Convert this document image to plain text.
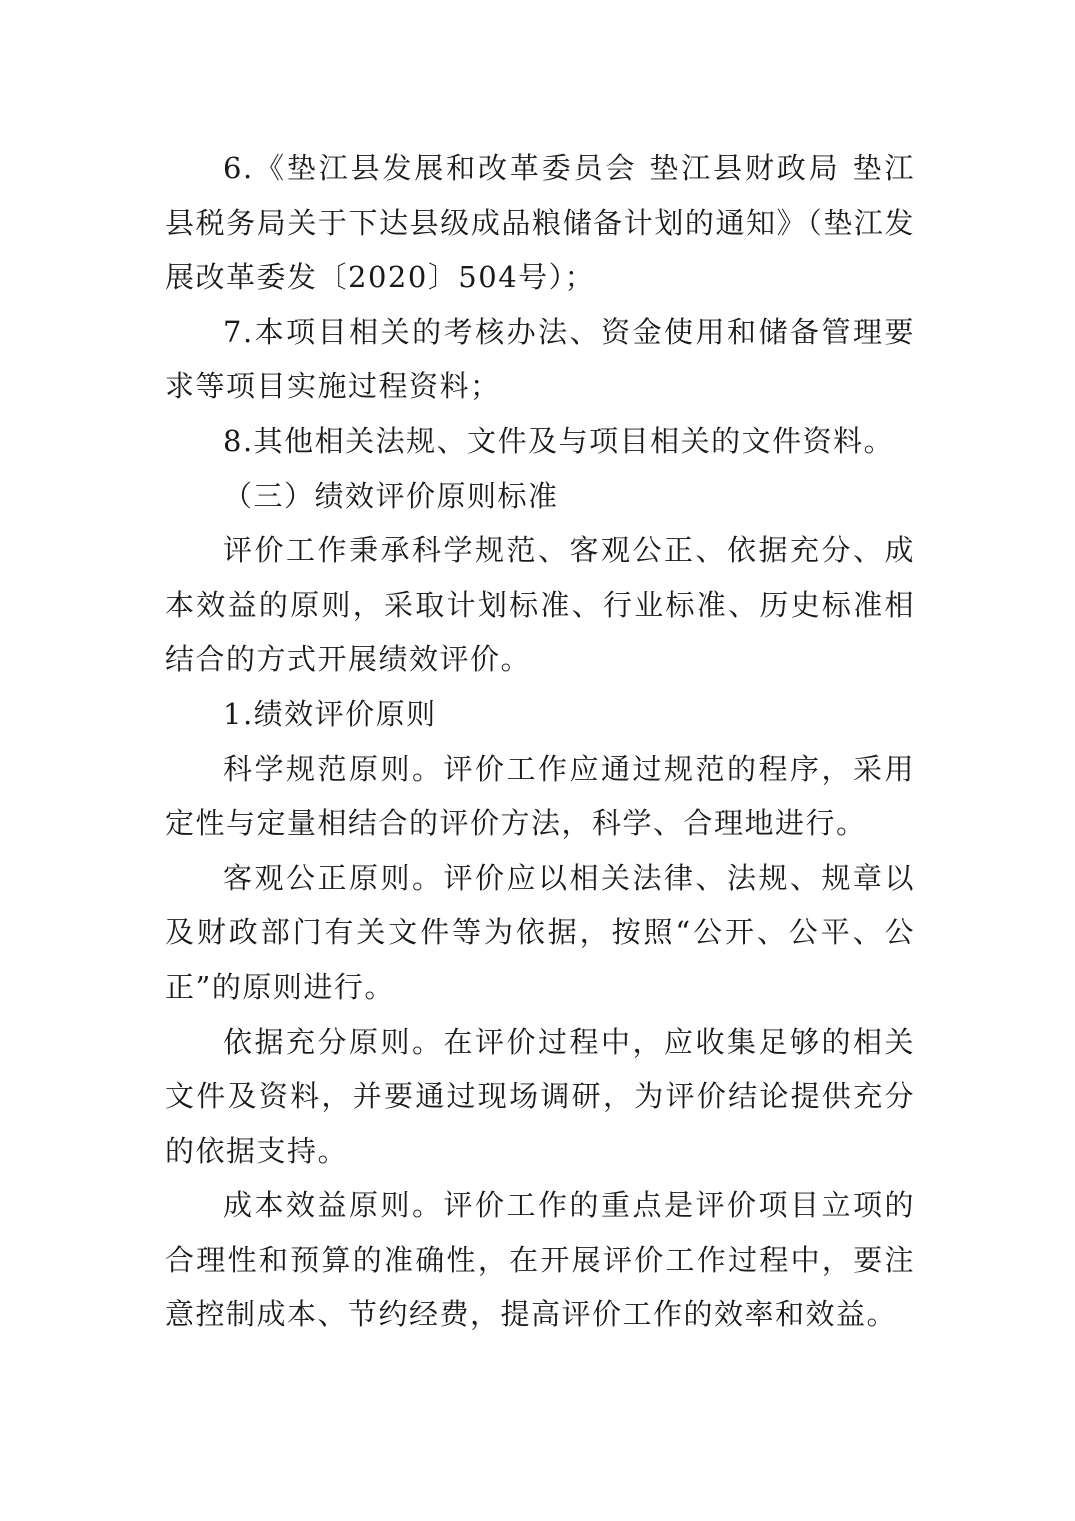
6.《垫江县发展和改革委员会 垫江县财政局 垫江县税务局关于下达县级成品粮储备计划的通知》（垫江发展改革委发〔2020〕504号）；

7.本项目相关的考核办法、资金使用和储备管理要求等项目实施过程资料；

8.其他相关法规、文件及与项目相关的文件资料。

（三）绩效评价原则标准

评价工作秉承科学规范、客观公正、依据充分、成本效益的原则，采取计划标准、行业标准、历史标准相结合的方式开展绩效评价。

1.绩效评价原则

科学规范原则。评价工作应通过规范的程序，采用定性与定量相结合的评价方法，科学、合理地进行。

客观公正原则。评价应以相关法律、法规、规章以及财政部门有关文件等为依据，按照“公开、公平、公正”的原则进行。

依据充分原则。在评价过程中，应收集足够的相关文件及资料，并要通过现场调研，为评价结论提供充分的依据支持。

成本效益原则。评价工作的重点是评价项目立项的合理性和预算的准确性，在开展评价工作过程中，要注意控制成本、节约经费，提高评价工作的效率和效益。
